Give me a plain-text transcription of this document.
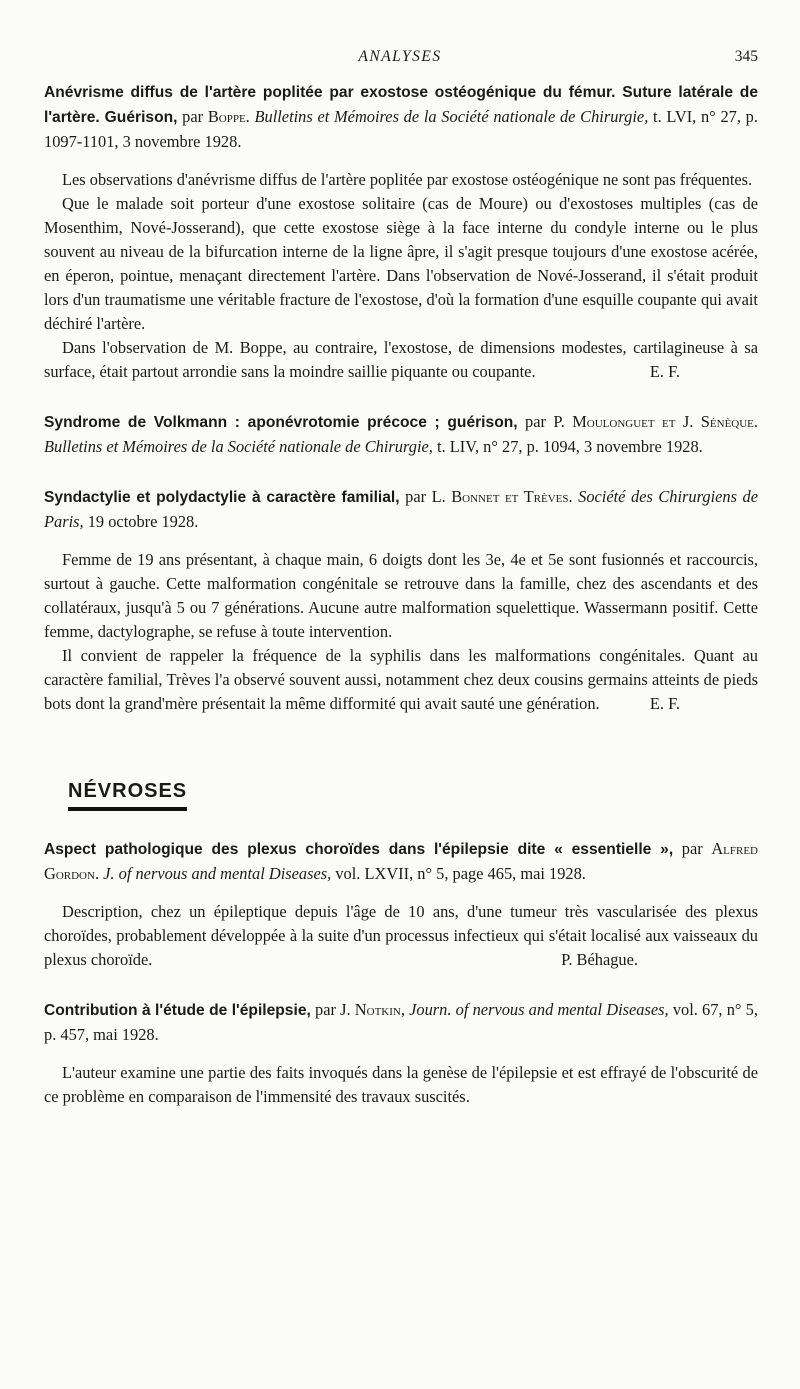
ANALYSES	345

Anévrisme diffus de l'artère poplitée par exostose ostéogénique du fémur. Suture latérale de l'artère. Guérison, par Boppe. Bulletins et Mémoires de la Société nationale de Chirurgie, t. LVI, n° 27, p. 1097-1101, 3 novembre 1928.

Les observations d'anévrisme diffus de l'artère poplitée par exostose ostéogénique ne sont pas fréquentes.

Que le malade soit porteur d'une exostose solitaire (cas de Moure) ou d'exostoses multiples (cas de Mosenthim, Nové-Josserand), que cette exostose siège à la face interne du condyle interne ou le plus souvent au niveau de la bifurcation interne de la ligne âpre, il s'agit presque toujours d'une exostose acérée, en éperon, pointue, menaçant directement l'artère. Dans l'observation de Nové-Josserand, il s'était produit lors d'un traumatisme une véritable fracture de l'exostose, d'où la formation d'une esquille coupante qui avait déchiré l'artère.

Dans l'observation de M. Boppe, au contraire, l'exostose, de dimensions modestes, cartilagineuse à sa surface, était partout arrondie sans la moindre saillie piquante ou coupante.	E. F.

Syndrome de Volkmann : aponévrotomie précoce ; guérison, par P. Moulonguet et J. Sénèque. Bulletins et Mémoires de la Société nationale de Chirurgie, t. LIV, n° 27, p. 1094, 3 novembre 1928.

Syndactylie et polydactylie à caractère familial, par L. Bonnet et Trèves. Société des Chirurgiens de Paris, 19 octobre 1928.

Femme de 19 ans présentant, à chaque main, 6 doigts dont les 3e, 4e et 5e sont fusionnés et raccourcis, surtout à gauche. Cette malformation congénitale se retrouve dans la famille, chez des ascendants et des collatéraux, jusqu'à 5 ou 7 générations. Aucune autre malformation squelettique. Wassermann positif. Cette femme, dactylographe, se refuse à toute intervention.

Il convient de rappeler la fréquence de la syphilis dans les malformations congénitales. Quant au caractère familial, Trèves l'a observé souvent aussi, notamment chez deux cousins germains atteints de pieds bots dont la grand'mère présentait la même difformité qui avait sauté une génération.	E. F.

NÉVROSES

Aspect pathologique des plexus choroïdes dans l'épilepsie dite « essentielle », par Alfred Gordon. J. of nervous and mental Diseases, vol. LXVII, n° 5, page 465, mai 1928.

Description, chez un épileptique depuis l'âge de 10 ans, d'une tumeur très vascularisée des plexus choroïdes, probablement développée à la suite d'un processus infectieux qui s'était localisé aux vaisseaux du plexus choroïde.	P. Béhague.

Contribution à l'étude de l'épilepsie, par J. Notkin, Journ. of nervous and mental Diseases, vol. 67, n° 5, p. 457, mai 1928.

L'auteur examine une partie des faits invoqués dans la genèse de l'épilepsie et est effrayé de l'obscurité de ce problème en comparaison de l'immensité des travaux suscités.
